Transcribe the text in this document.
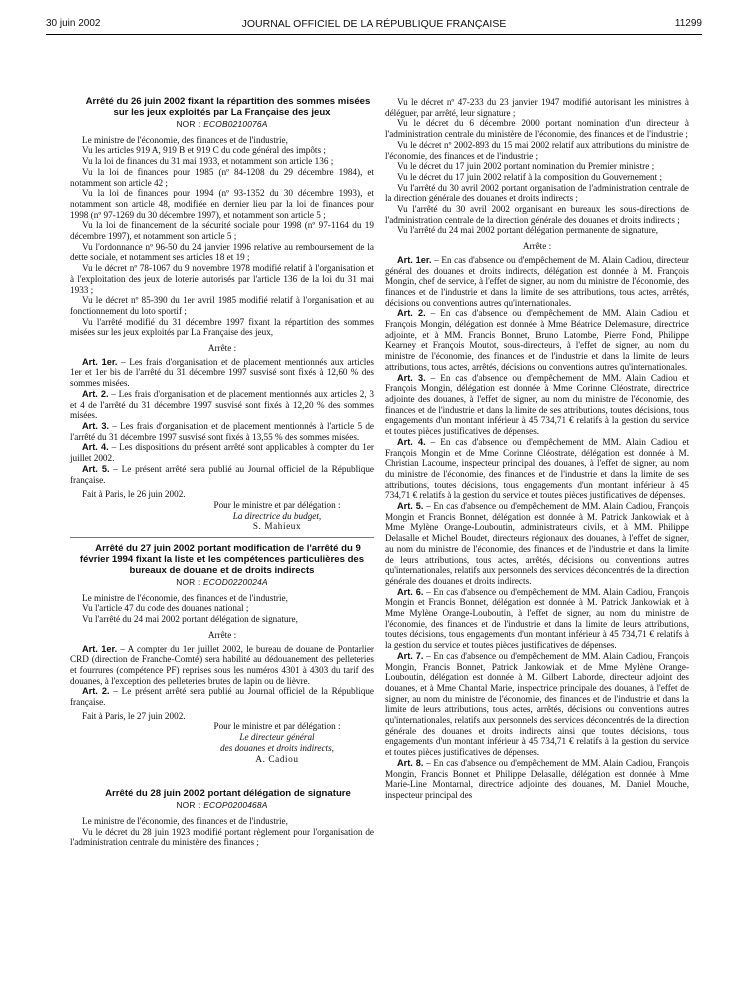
30 juin 2002	JOURNAL OFFICIEL DE LA RÉPUBLIQUE FRANÇAISE	11299

Arrêté du 26 juin 2002 fixant la répartition des sommes misées sur les jeux exploités par La Française des jeux

NOR : ECOB0210076A

Le ministre de l'économie, des finances et de l'industrie,

Vu les articles 919 A, 919 B et 919 C du code général des impôts ;

Vu la loi de finances du 31 mai 1933, et notamment son article 136 ;

Vu la loi de finances pour 1985 (nº 84-1208 du 29 décembre 1984), et notamment son article 42 ;

Vu la loi de finances pour 1994 (nº 93-1352 du 30 décembre 1993), et notamment son article 48, modifiée en dernier lieu par la loi de finances pour 1998 (nº 97-1269 du 30 décembre 1997), et notamment son article 5 ;

Vu la loi de financement de la sécurité sociale pour 1998 (nº 97-1164 du 19 décembre 1997), et notamment son article 5 ;

Vu l'ordonnance nº 96-50 du 24 janvier 1996 relative au remboursement de la dette sociale, et notamment ses articles 18 et 19 ;

Vu le décret nº 78-1067 du 9 novembre 1978 modifié relatif à l'organisation et à l'exploitation des jeux de loterie autorisés par l'article 136 de la loi du 31 mai 1933 ;

Vu le décret nº 85-390 du 1er avril 1985 modifié relatif à l'organisation et au fonctionnement du loto sportif ;

Vu l'arrêté modifié du 31 décembre 1997 fixant la répartition des sommes misées sur les jeux exploités par La Française des jeux,

Arrête :

Art. 1er. – Les frais d'organisation et de placement mentionnés aux articles 1er et 1er bis de l'arrêté du 31 décembre 1997 susvisé sont fixés à 12,60 % des sommes misées.

Art. 2. – Les frais d'organisation et de placement mentionnés aux articles 2, 3 et 4 de l'arrêté du 31 décembre 1997 susvisé sont fixés à 12,20 % des sommes misées.

Art. 3. – Les frais d'organisation et de placement mentionnés à l'article 5 de l'arrêté du 31 décembre 1997 susvisé sont fixés à 13,55 % des sommes misées.

Art. 4. – Les dispositions du présent arrêté sont applicables à compter du 1er juillet 2002.

Art. 5. – Le présent arrêté sera publié au Journal officiel de la République française.

Fait à Paris, le 26 juin 2002.

Pour le ministre et par délégation :

La directrice du budget,

S. Mahieux

Arrêté du 27 juin 2002 portant modification de l'arrêté du 9 février 1994 fixant la liste et les compétences particulières des bureaux de douane et de droits indirects

NOR : ECOD0220024A

Le ministre de l'économie, des finances et de l'industrie,

Vu l'article 47 du code des douanes national ;

Vu l'arrêté du 24 mai 2002 portant délégation de signature,

Arrête :

Art. 1er. – A compter du 1er juillet 2002, le bureau de douane de Pontarlier CRD (direction de Franche-Comté) sera habilité au dédouanement des pelleteries et fourrures (compétence PF) reprises sous les numéros 4301 à 4303 du tarif des douanes, à l'exception des pelleteries brutes de lapin ou de lièvre.

Art. 2. – Le présent arrêté sera publié au Journal officiel de la République française.

Fait à Paris, le 27 juin 2002.

Pour le ministre et par délégation :

Le directeur général

des douanes et droits indirects,

A. Cadiou

Arrêté du 28 juin 2002 portant délégation de signature

NOR : ECOP0200468A

Le ministre de l'économie, des finances et de l'industrie,

Vu le décret du 28 juin 1923 modifié portant règlement pour l'organisation de l'administration centrale du ministère des finances ;

Vu le décret nº 47-233 du 23 janvier 1947 modifié autorisant les ministres à déléguer, par arrêté, leur signature ;

Vu le décret du 6 décembre 2000 portant nomination d'un directeur à l'administration centrale du ministère de l'économie, des finances et de l'industrie ;

Vu le décret nº 2002-893 du 15 mai 2002 relatif aux attributions du ministre de l'économie, des finances et de l'industrie ;

Vu le décret du 17 juin 2002 portant nomination du Premier ministre ;

Vu le décret du 17 juin 2002 relatif à la composition du Gouvernement ;

Vu l'arrêté du 30 avril 2002 portant organisation de l'administration centrale de la direction générale des douanes et droits indirects ;

Vu l'arrêté du 30 avril 2002 organisant en bureaux les sous-directions de l'administration centrale de la direction générale des douanes et droits indirects ;

Vu l'arrêté du 24 mai 2002 portant délégation permanente de signature,

Arrête :

Art. 1er. – En cas d'absence ou d'empêchement de M. Alain Cadiou, directeur général des douanes et droits indirects, délégation est donnée à M. François Mongin, chef de service, à l'effet de signer, au nom du ministre de l'économie, des finances et de l'industrie et dans la limite de ses attributions, tous actes, arrêtés, décisions ou conventions autres qu'internationales.

Art. 2. – En cas d'absence ou d'empêchement de MM. Alain Cadiou et François Mongin, délégation est donnée à Mme Béatrice Delemasure, directrice adjointe, et à MM. Francis Bonnet, Bruno Latombe, Pierre Fond, Philippe Kearney et François Moutot, sous-directeurs, à l'effet de signer, au nom du ministre de l'économie, des finances et de l'industrie et dans la limite de leurs attributions, tous actes, arrêtés, décisions ou conventions autres qu'internationales.

Art. 3. – En cas d'absence ou d'empêchement de MM. Alain Cadiou et François Mongin, délégation est donnée à Mme Corinne Cléostrate, directrice adjointe des douanes, à l'effet de signer, au nom du ministre de l'économie, des finances et de l'industrie et dans la limite de ses attributions, toutes décisions, tous engagements d'un montant inférieur à 45 734,71 € relatifs à la gestion du service et toutes pièces justificatives de dépenses.

Art. 4. – En cas d'absence ou d'empêchement de MM. Alain Cadiou et François Mongin et de Mme Corinne Cléostrate, délégation est donnée à M. Christian Lacoume, inspecteur principal des douanes, à l'effet de signer, au nom du ministre de l'économie, des finances et de l'industrie et dans la limite de ses attributions, toutes décisions, tous engagements d'un montant inférieur à 45 734,71 € relatifs à la gestion du service et toutes pièces justificatives de dépenses.

Art. 5. – En cas d'absence ou d'empêchement de MM. Alain Cadiou, François Mongin et Francis Bonnet, délégation est donnée à M. Patrick Jankowiak et à Mme Mylène Orange-Louboutin, administrateurs civils, et à MM. Philippe Delasalle et Michel Boudet, directeurs régionaux des douanes, à l'effet de signer, au nom du ministre de l'économie, des finances et de l'industrie et dans la limite de leurs attributions, tous actes, arrêtés, décisions ou conventions autres qu'internationales, relatifs aux personnels des services déconcentrés de la direction générale des douanes et droits indirects.

Art. 6. – En cas d'absence ou d'empêchement de MM. Alain Cadiou, François Mongin et Francis Bonnet, délégation est donnée à M. Patrick Jankowiak et à Mme Mylène Orange-Louboutin, à l'effet de signer, au nom du ministre de l'économie, des finances et de l'industrie et dans la limite de leurs attributions, toutes décisions, tous engagements d'un montant inférieur à 45 734,71 € relatifs à la gestion du service et toutes pièces justificatives de dépenses.

Art. 7. – En cas d'absence ou d'empêchement de MM. Alain Cadiou, François Mongin, Francis Bonnet, Patrick Jankowiak et de Mme Mylène Orange-Louboutin, délégation est donnée à M. Gilbert Laborde, directeur adjoint des douanes, et à Mme Chantal Marie, inspectrice principale des douanes, à l'effet de signer, au nom du ministre de l'économie, des finances et de l'industrie et dans la limite de leurs attributions, tous actes, arrêtés, décisions ou conventions autres qu'internationales, relatifs aux personnels des services déconcentrés de la direction générale des douanes et droits indirects ainsi que toutes décisions, tous engagements d'un montant inférieur à 45 734,71 € relatifs à la gestion du service et toutes pièces justificatives de dépenses.

Art. 8. – En cas d'absence ou d'empêchement de MM. Alain Cadiou, François Mongin, Francis Bonnet et Philippe Delasalle, délégation est donnée à Mme Marie-Line Montarnal, directrice adjointe des douanes, M. Daniel Mouche, inspecteur principal des
